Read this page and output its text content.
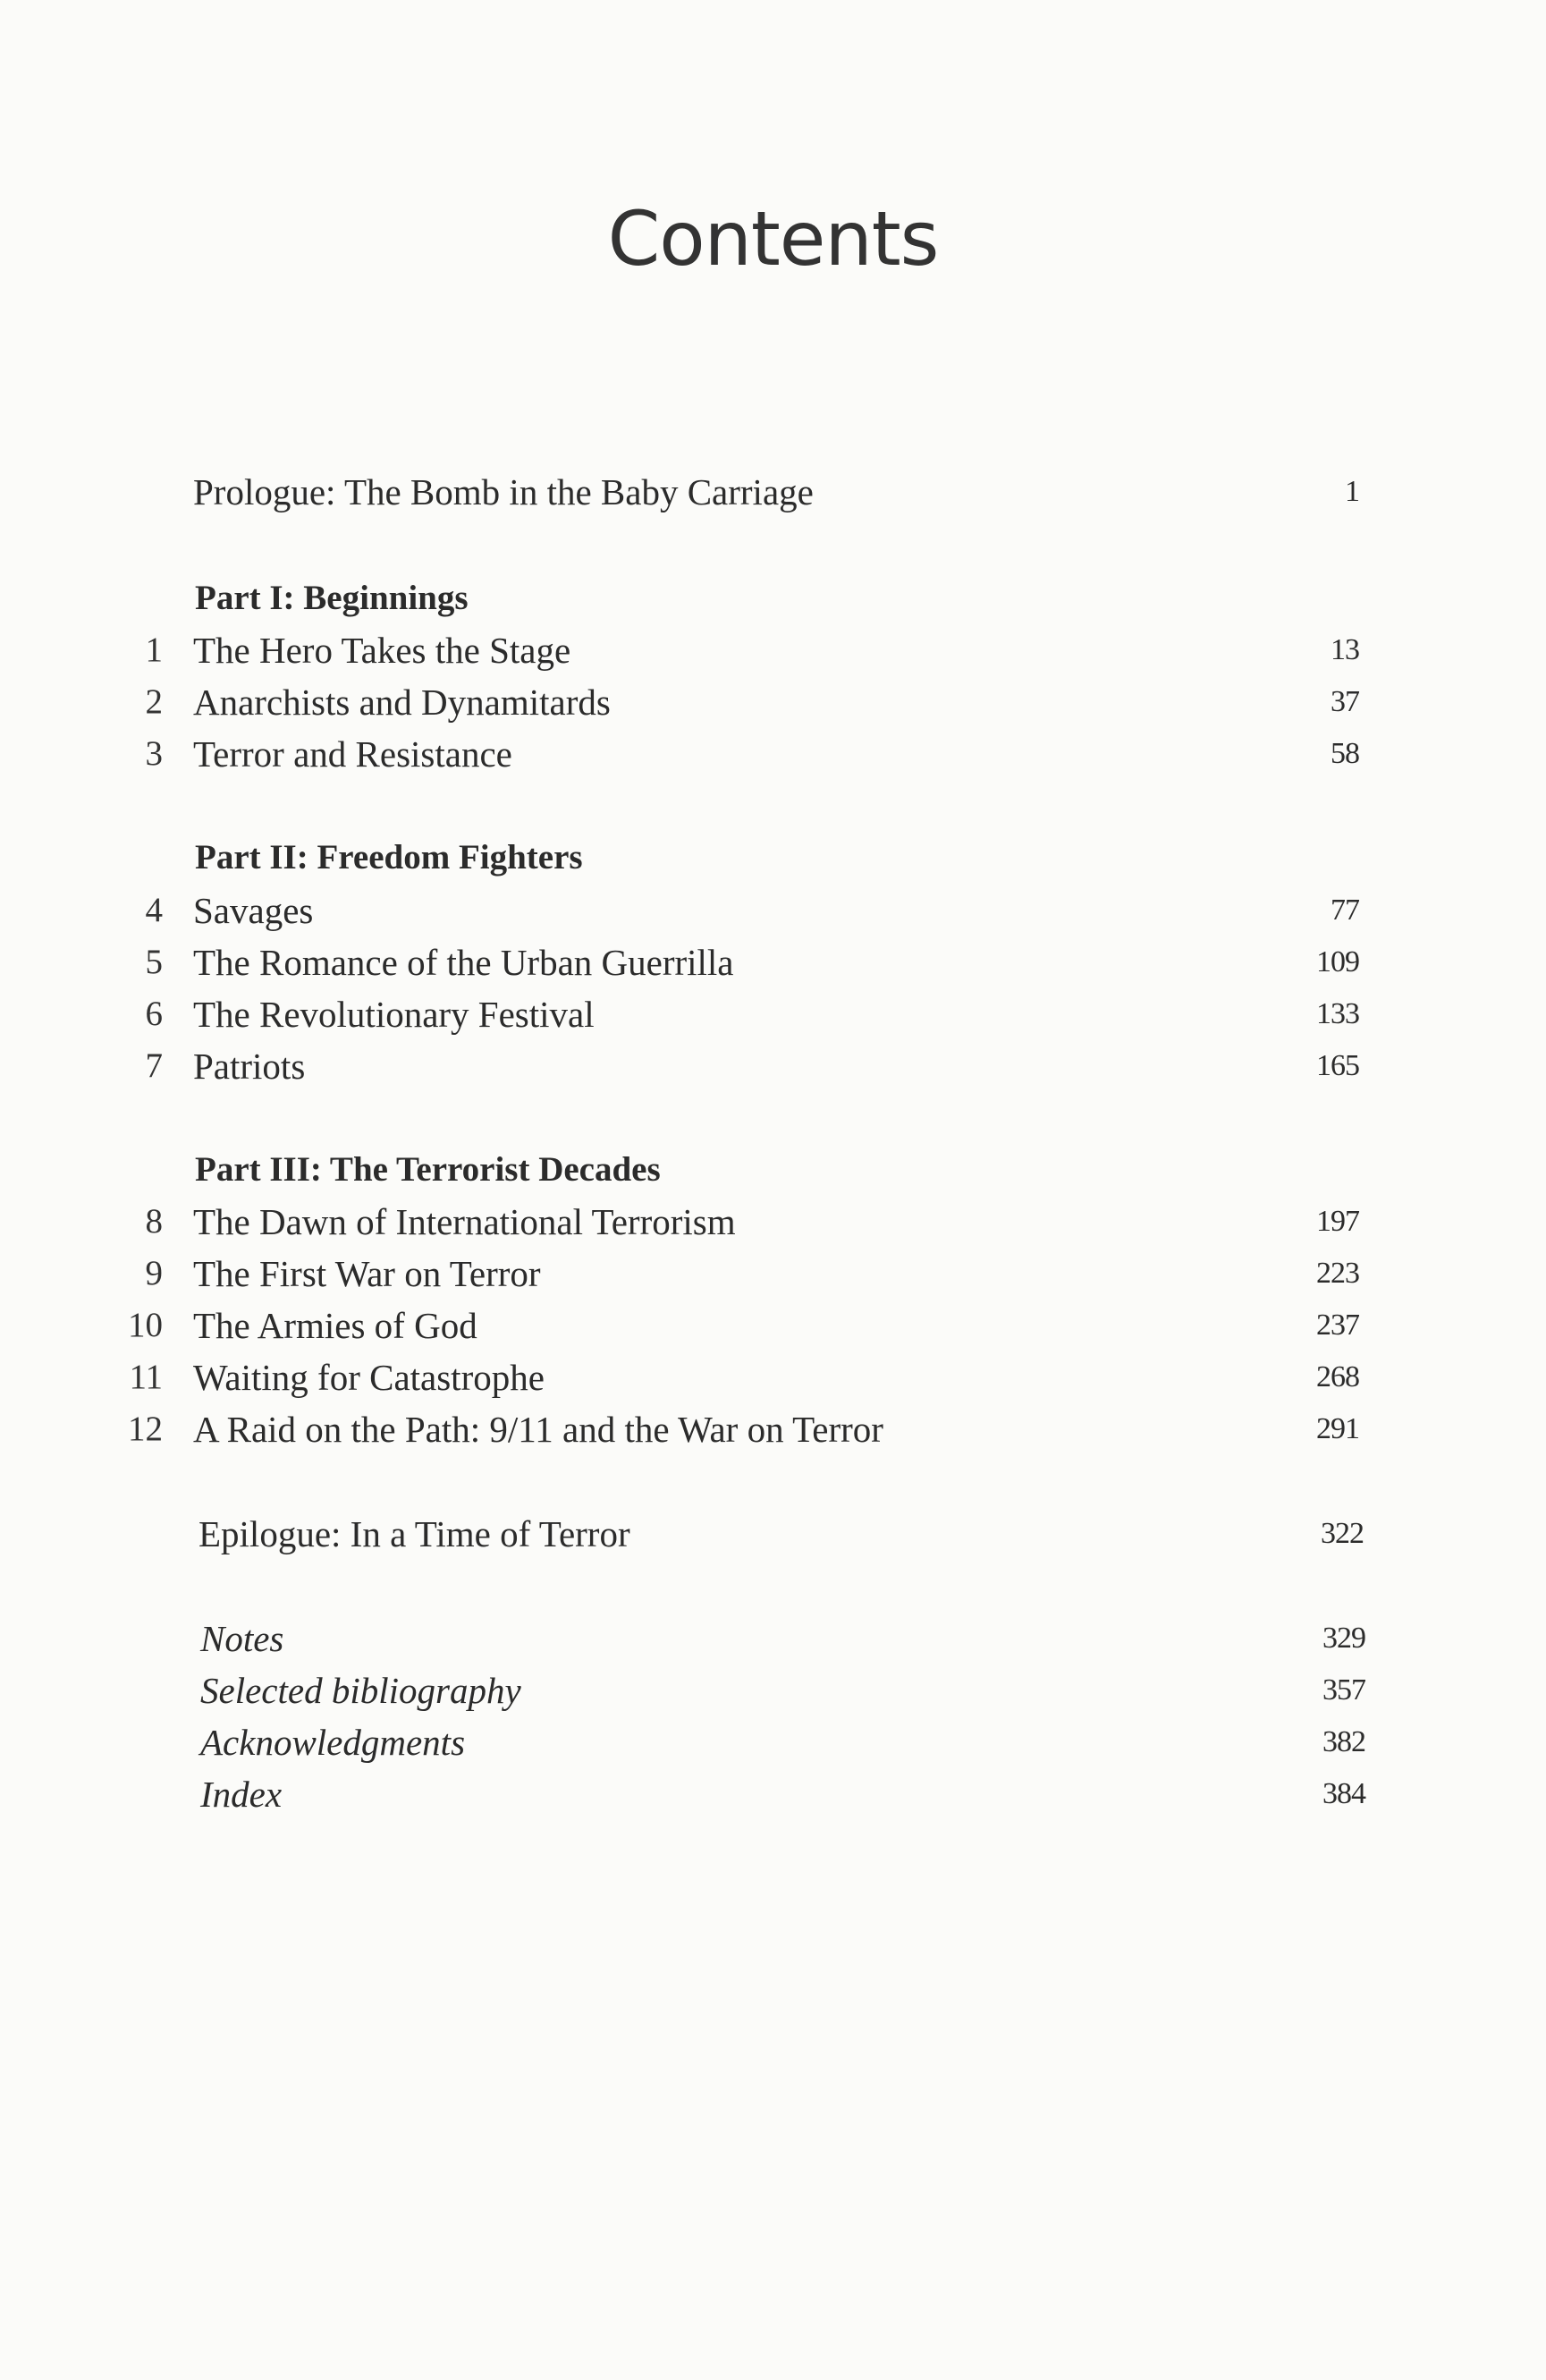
Contents
Prologue: The Bomb in the Baby Carriage	1
Part I: Beginnings
1 The Hero Takes the Stage	13
2 Anarchists and Dynamitards	37
3 Terror and Resistance	58
Part II: Freedom Fighters
4 Savages	77
5 The Romance of the Urban Guerrilla	109
6 The Revolutionary Festival	133
7 Patriots	165
Part III: The Terrorist Decades
8 The Dawn of International Terrorism	197
9 The First War on Terror	223
10 The Armies of God	237
11 Waiting for Catastrophe	268
12 A Raid on the Path: 9/11 and the War on Terror	291
Epilogue: In a Time of Terror	322
Notes	329
Selected bibliography	357
Acknowledgments	382
Index	384
